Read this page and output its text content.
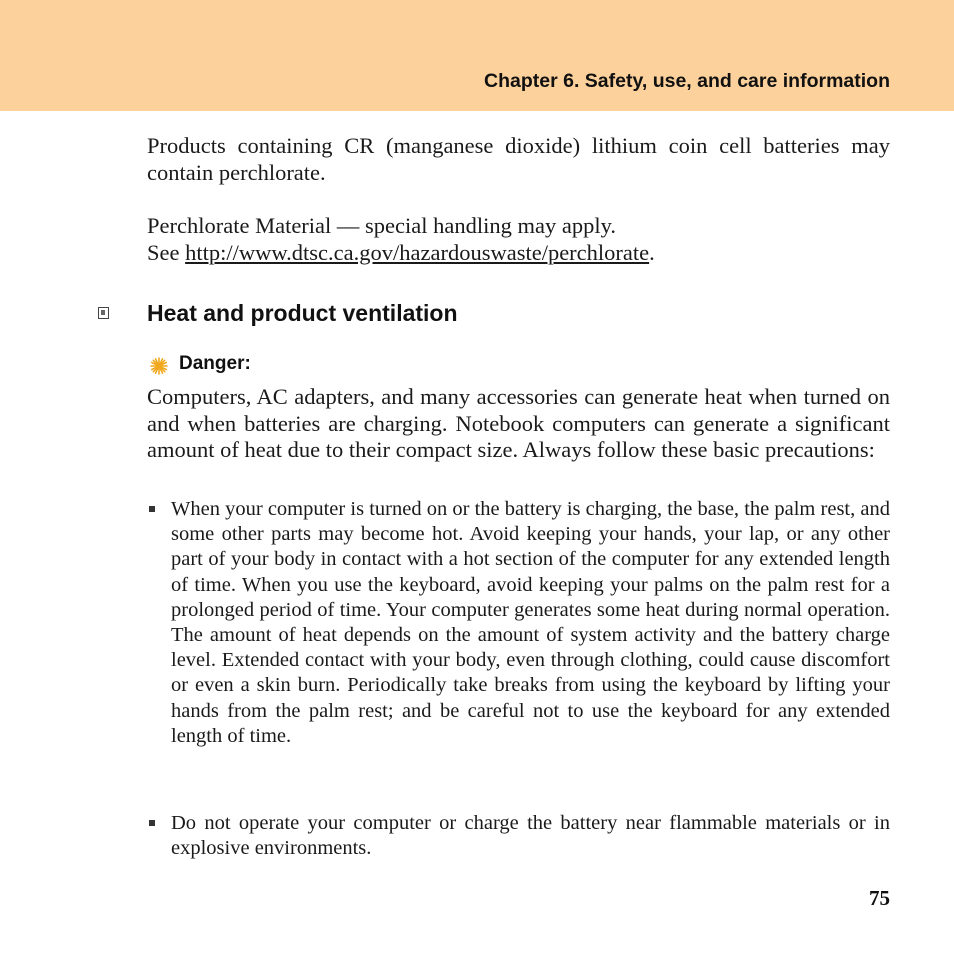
Chapter 6. Safety, use, and care information

Products containing CR (manganese dioxide) lithium coin cell batteries may contain perchlorate.

Perchlorate Material — special handling may apply.
See http://www.dtsc.ca.gov/hazardouswaste/perchlorate.
Heat and product ventilation
Danger:

Computers, AC adapters, and many accessories can generate heat when turned on and when batteries are charging. Notebook computers can generate a significant amount of heat due to their compact size. Always follow these basic precautions:

When your computer is turned on or the battery is charging, the base, the palm rest, and some other parts may become hot. Avoid keeping your hands, your lap, or any other part of your body in contact with a hot section of the computer for any extended length of time. When you use the keyboard, avoid keeping your palms on the palm rest for a prolonged period of time. Your computer generates some heat during normal operation. The amount of heat depends on the amount of system activity and the battery charge level. Extended contact with your body, even through clothing, could cause discomfort or even a skin burn. Periodically take breaks from using the keyboard by lifting your hands from the palm rest; and be careful not to use the keyboard for any extended length of time.

Do not operate your computer or charge the battery near flammable materials or in explosive environments.

75
